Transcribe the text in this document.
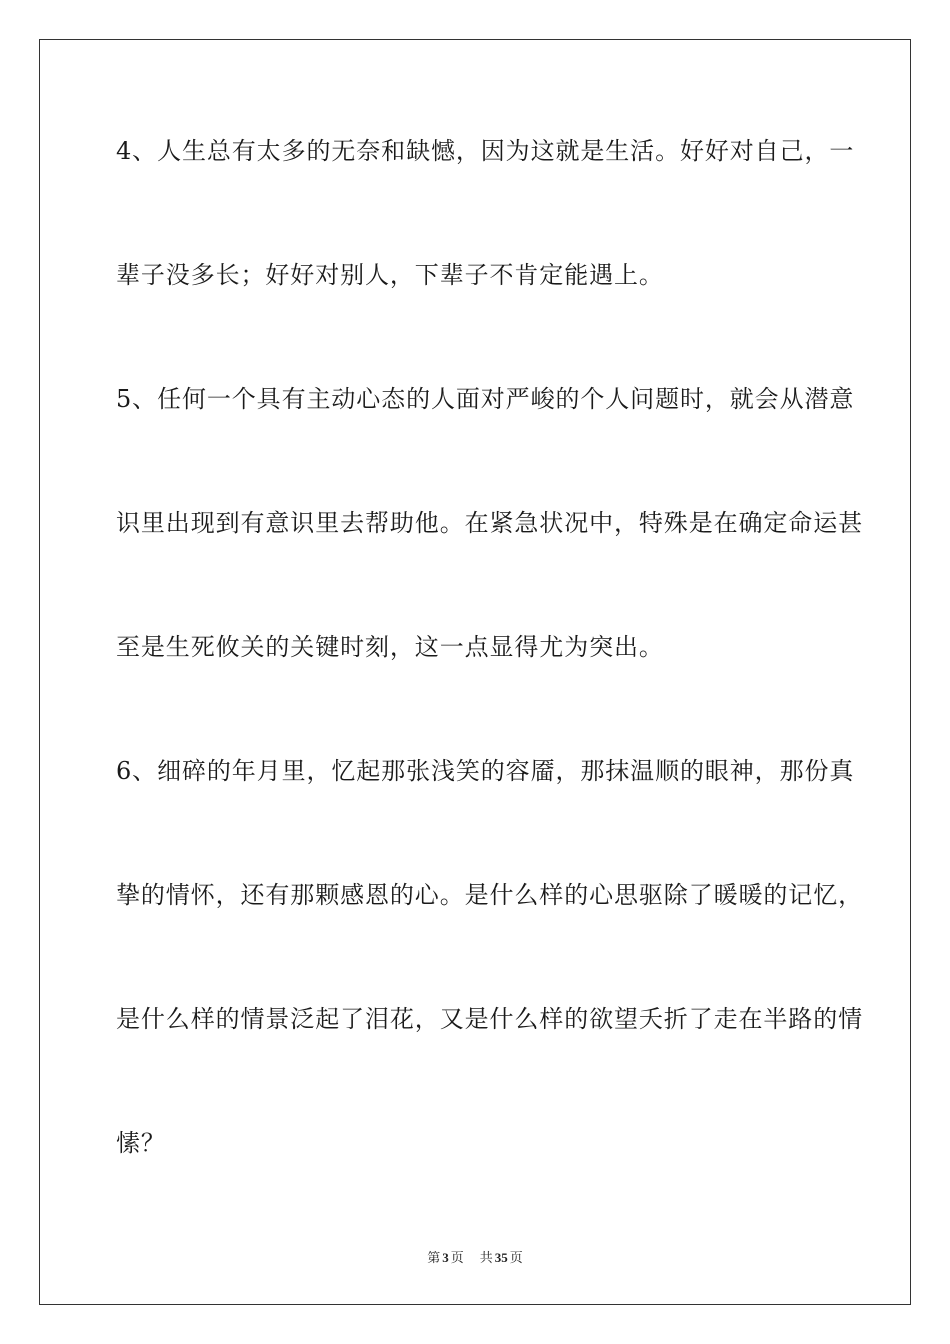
4、人生总有太多的无奈和缺憾，因为这就是生活。好好对自己，一
辈子没多长；好好对别人，下辈子不肯定能遇上。
5、任何一个具有主动心态的人面对严峻的个人问题时，就会从潜意
识里出现到有意识里去帮助他。在紧急状况中，特殊是在确定命运甚
至是生死攸关的关键时刻，这一点显得尤为突出。
6、细碎的年月里，忆起那张浅笑的容靥，那抹温顺的眼神，那份真
挚的情怀，还有那颗感恩的心。是什么样的心思驱除了暖暖的记忆，
是什么样的情景泛起了泪花，又是什么样的欲望夭折了走在半路的情
愫？
第 3 页 共 35 页
